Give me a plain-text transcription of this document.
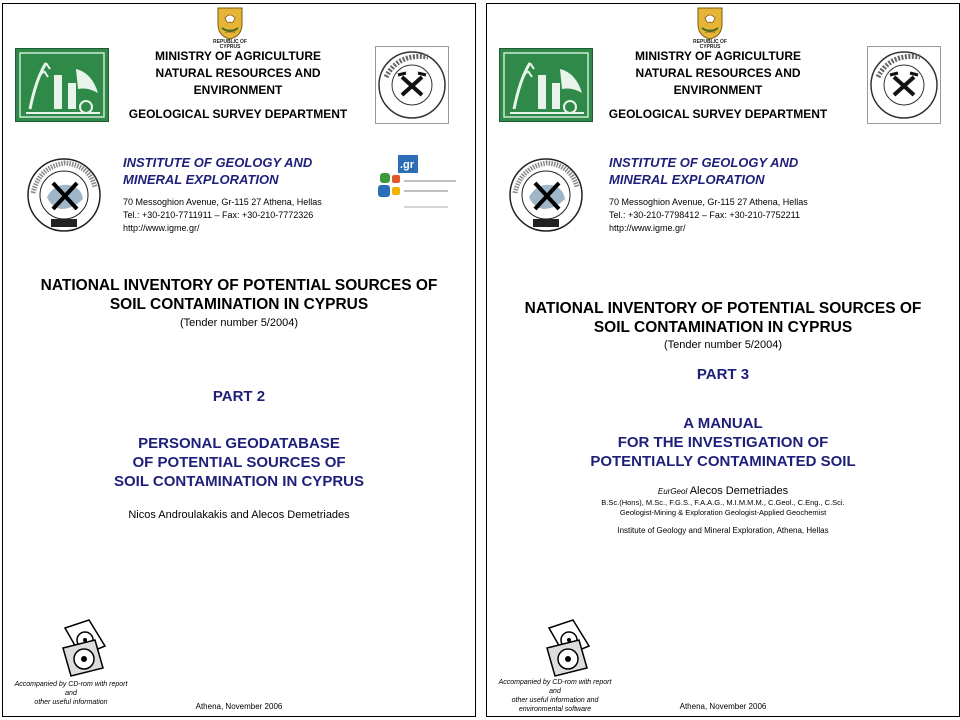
1960
REPUBLIC OF CYPRUS
MINISTRY OF AGRICULTURE
NATURAL RESOURCES AND ENVIRONMENT
GEOLOGICAL SURVEY DEPARTMENT
INSTITUTE OF GEOLOGY AND
MINERAL EXPLORATION
70 Messoghion Avenue, Gr-115 27 Athena, Hellas
Tel.: +30-210-7711911 – Fax: +30-210-7772326
http://www.igme.gr/
.gr
NATIONAL INVENTORY OF POTENTIAL SOURCES OF
SOIL CONTAMINATION IN CYPRUS
(Tender number 5/2004)
PART 2
PERSONAL GEODATABASE
OF POTENTIAL SOURCES OF
SOIL CONTAMINATION IN CYPRUS
Nicos Androulakakis and Alecos Demetriades
Accompanied by CD-rom with report and
other useful information	Athena, November 2006
1960
REPUBLIC OF CYPRUS
MINISTRY OF AGRICULTURE
NATURAL RESOURCES AND ENVIRONMENT
GEOLOGICAL SURVEY DEPARTMENT
INSTITUTE OF GEOLOGY AND
MINERAL EXPLORATION
70 Messoghion Avenue, Gr-115 27 Athena, Hellas
Tel.: +30-210-7798412 – Fax: +30-210-7752211
http://www.igme.gr/
NATIONAL INVENTORY OF POTENTIAL SOURCES OF
SOIL CONTAMINATION IN CYPRUS
(Tender number 5/2004)
PART 3
A MANUAL
FOR THE INVESTIGATION OF
POTENTIALLY CONTAMINATED SOIL
EurGeol Alecos Demetriades
B.Sc.(Hons), M.Sc., F.G.S., F.A.A.G., M.I.M.M.M., C.Geol., C.Eng., C.Sci.
Geologist-Mining & Exploration Geologist-Applied Geochemist
Institute of Geology and Mineral Exploration, Athena, Hellas
Accompanied by CD-rom with report and
other useful information and
environmental software	Athena, November 2006
